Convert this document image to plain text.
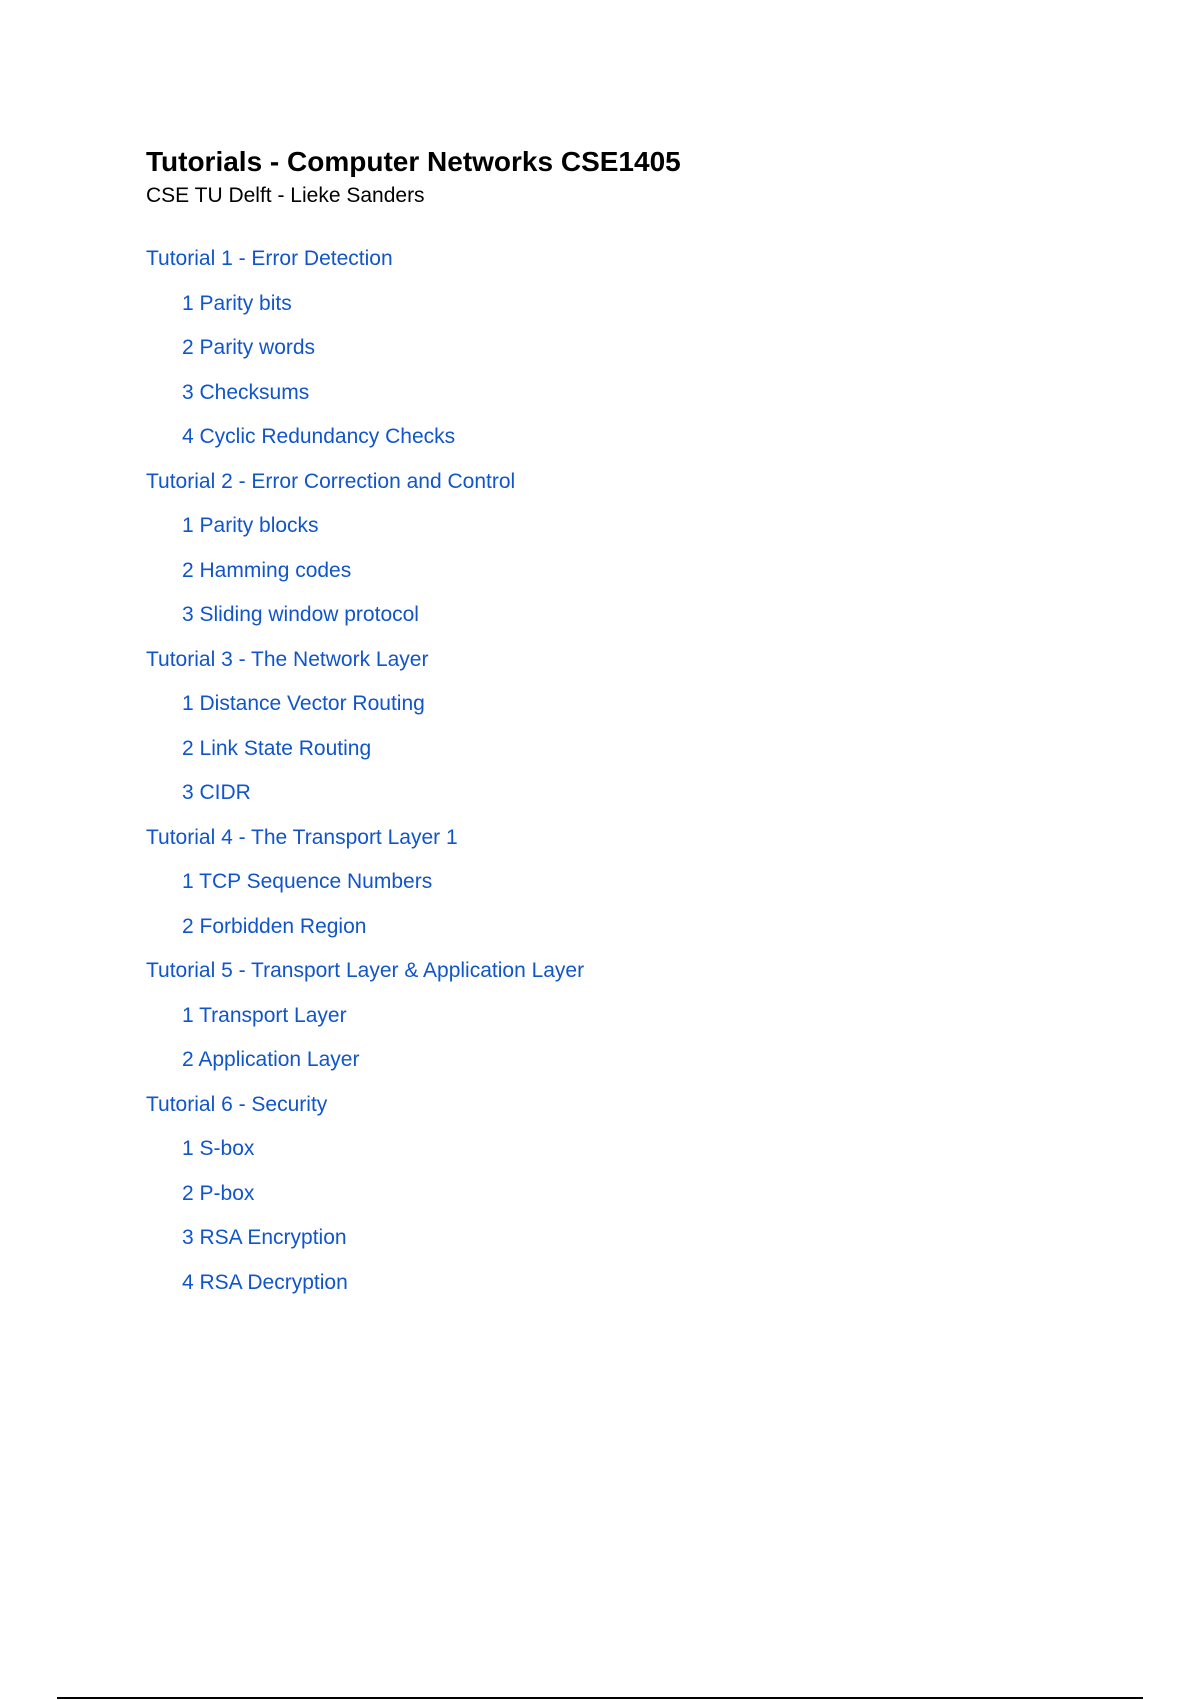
Tutorials - Computer Networks CSE1405
CSE TU Delft - Lieke Sanders
Tutorial 1 - Error Detection
1 Parity bits
2 Parity words
3 Checksums
4 Cyclic Redundancy Checks
Tutorial 2 - Error Correction and Control
1 Parity blocks
2 Hamming codes
3 Sliding window protocol
Tutorial 3 - The Network Layer
1 Distance Vector Routing
2 Link State Routing
3 CIDR
Tutorial 4 - The Transport Layer 1
1 TCP Sequence Numbers
2 Forbidden Region
Tutorial 5 - Transport Layer & Application Layer
1 Transport Layer
2 Application Layer
Tutorial 6 - Security
1 S-box
2 P-box
3 RSA Encryption
4 RSA Decryption
